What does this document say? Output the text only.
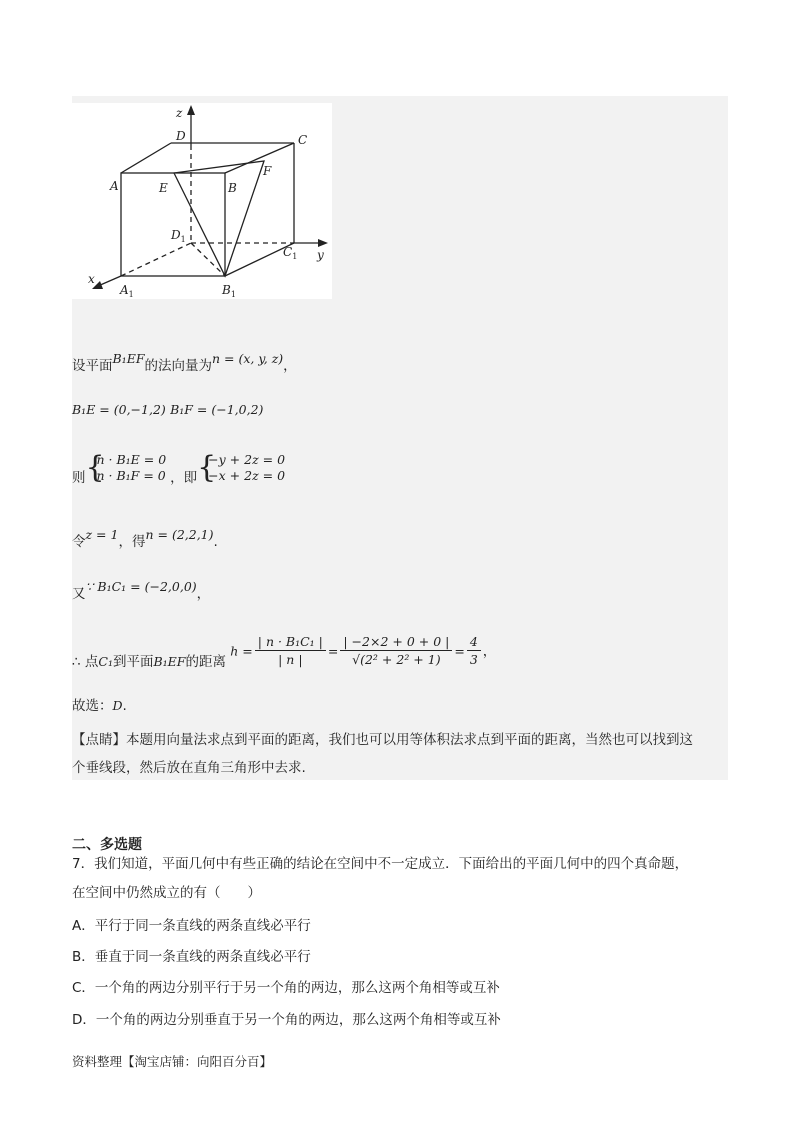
z
D	C
A	E	B
F
$D_1$
$C_1$ y
x
$A_1$	$B_1$
设平面B₁EF的法向量为n = (x, y, z)，
B₁E = (0,−1,2) B₁F = (−1,0,2)
则
{ n · B₁E = 0
n · B₁F = 0 ，即
{ −y + 2z = 0
−x + 2z = 0
令z = 1，得n = (2,2,1).
又∵ B₁C₁ = (−2,0,0)，
∴ 点C₁到平面B₁EF的距离 $h = \frac{\text{| n · B₁C₁ |}}{| n |} = \frac{| -2\times 2 + 0 + 0 |}{\text{√(2² + 2² + 1)}} = \frac{4}{3}$ ，
故选：D.
【点睛】本题用向量法求点到平面的距离，我们也可以用等体积法求点到平面的距离，当然也可以找到这
个垂线段，然后放在直角三角形中去求.
二、多选题
7．我们知道，平面几何中有些正确的结论在空间中不一定成立．下面给出的平面几何中的四个真命题，
在空间中仍然成立的有（　　）
A．平行于同一条直线的两条直线必平行
B．垂直于同一条直线的两条直线必平行
C．一个角的两边分别平行于另一个角的两边，那么这两个角相等或互补
D．一个角的两边分别垂直于另一个角的两边，那么这两个角相等或互补
资料整理【淘宝店铺：向阳百分百】
